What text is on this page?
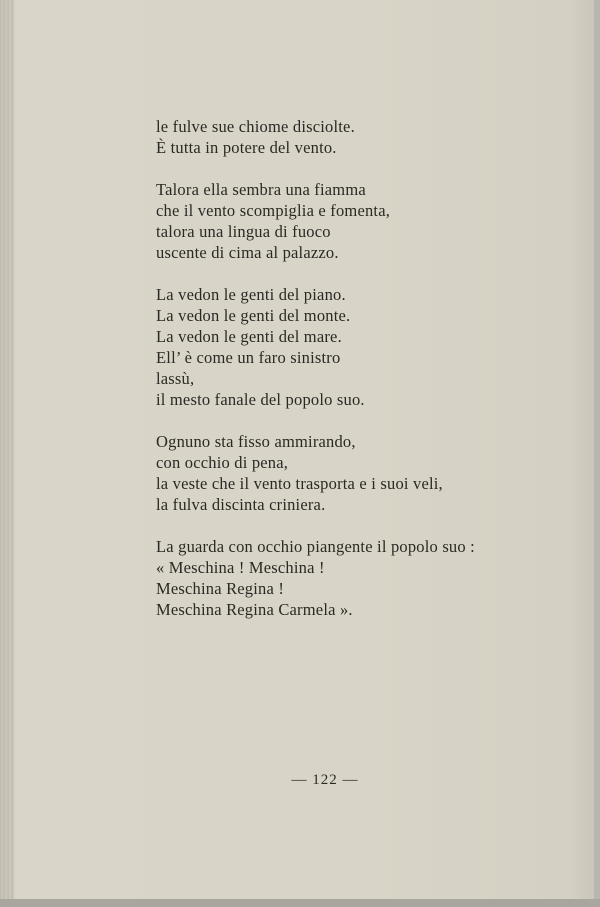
le fulve sue chiome disciolte.
È tutta in potere del vento.
Talora ella sembra una fiamma
che il vento scompiglia e fomenta,
talora una lingua di fuoco
uscente di cima al palazzo.
La vedon le genti del piano.
La vedon le genti del monte.
La vedon le genti del mare.
Ell’ è come un faro sinistro
lassù,
il mesto fanale del popolo suo.
Ognuno sta fisso ammirando,
con occhio di pena,
la veste che il vento trasporta e i suoi veli,
la fulva discinta criniera.
La guarda con occhio piangente il popolo suo :
« Meschina ! Meschina !
Meschina Regina !
Meschina Regina Carmela ».
— 122 —
